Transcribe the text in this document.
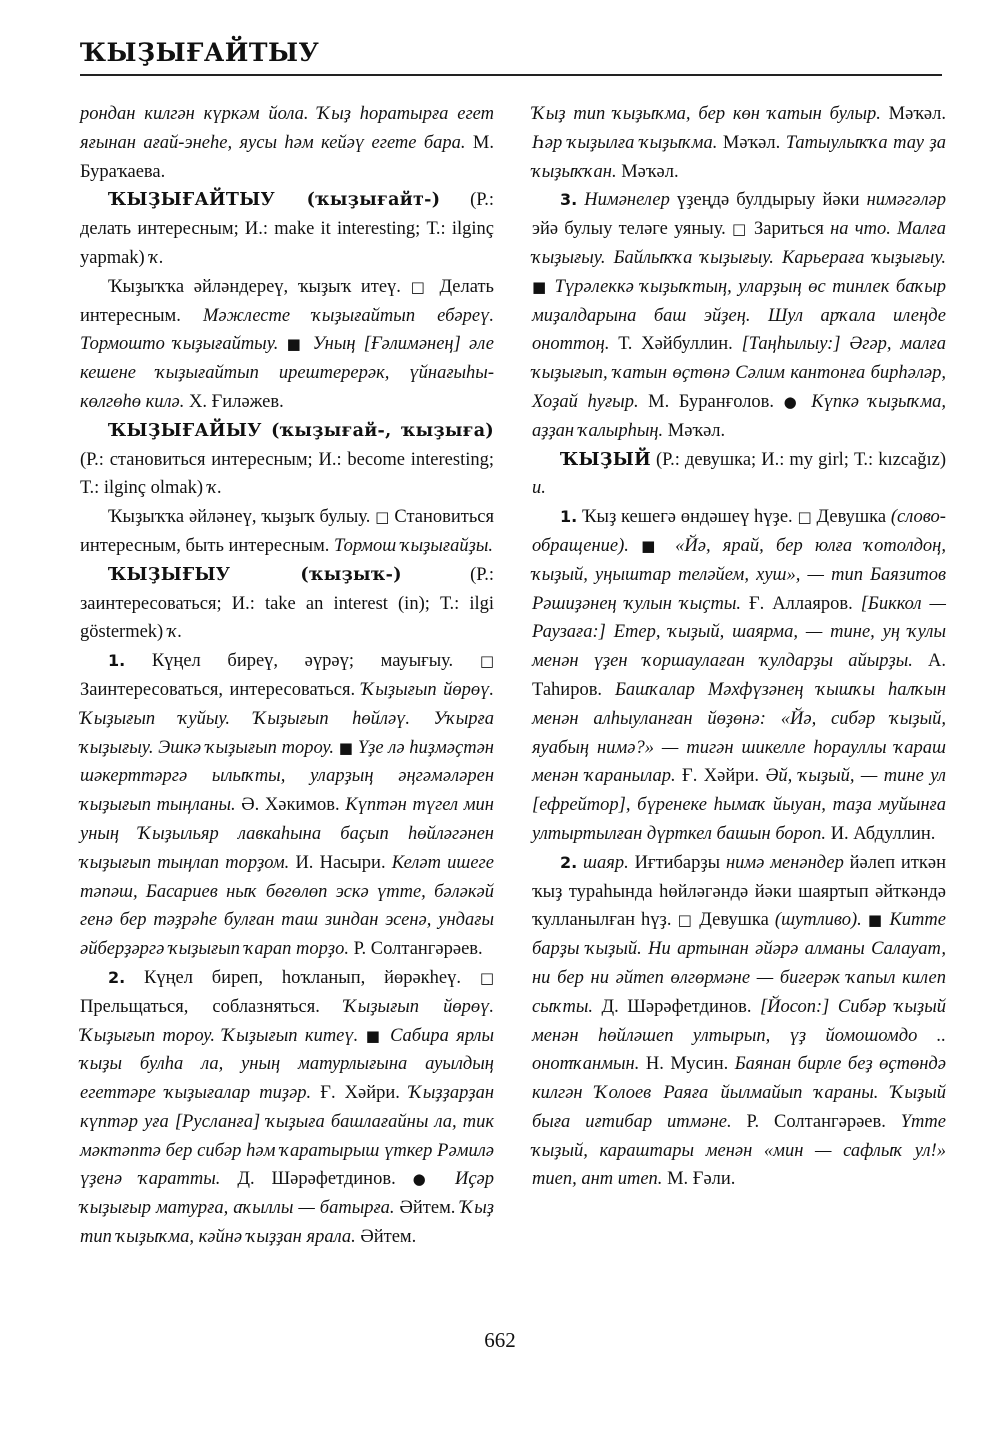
ҠЫҘЫҒАЙТЫУ

рондан килгән күркәм йола. Ҡыҙ һоратырға егет яғынан ағай-энеһе, яусы һәм кейәү егете бара. М. Бураҡаева.

ҠЫҘЫҒАЙТЫУ (ҡыҙығайт-) (Р.: делать интересным; И.: make it interesting; Т.: ilginç yapmak) ҡ.

Ҡыҙыҡҡа әйләндереү, ҡыҙыҡ итеү. □ Делать интересным. Мәжлесте ҡыҙығайтып ебәреү. Тормошто ҡыҙығайтыу. ■ Уның [Ғәлимәнең] әле кешене ҡыҙығайтып ирештерерәк, үйнағыһы-көлгөһө килә. Х. Ғиләжев.

ҠЫҘЫҒАЙЫУ (ҡыҙығай-, ҡыҙыға) (Р.: становиться интересным; И.: become interesting; Т.: ilginç olmak) ҡ.

Ҡыҙыҡҡа әйләнеү, ҡыҙыҡ булыу. □ Становиться интересным, быть интересным. Тормош ҡыҙығайҙы.

ҠЫҘЫҒЫУ (ҡыҙыҡ-) (Р.: заинтересоваться; И.: take an interest (in); Т.: ilgi göstermek) ҡ.

1. Күңел биреү, әүрәү; мауығыу. □ Заинтересоваться, интересоваться. Ҡыҙығып йөрөү. Ҡыҙығып ҡуйыу. Ҡыҙығып һөйләү. Уҡырға ҡыҙығыу. Эшкә ҡыҙығып тороу. ■ Үҙе лә һиҙмәҫтән шәкерттәргә ылыҡты, уларҙың әңгәмәләрен ҡыҙығып тыңланы. Ә. Хәкимов. Күптән түгел мин уның Ҡыҙыльяр лавкаһына баҫып һөйләгәнен ҡыҙығып тыңлап торҙом. И. Насыри. Келәт ишеге тәпәш, Басариев ныҡ бөгөлөп эскә үтте, бәләкәй генә бер тәҙрәһе булған таш зиндан эсенә, ундағы әйберҙәргә ҡыҙығып ҡарап торҙо. Р. Солтангәрәев.

2. Күңел биреп, һоҡланып, йөрәкһеү. □ Прельщаться, соблазняться. Ҡыҙығып йөрөү. Ҡыҙығып тороу. Ҡыҙығып китеү. ■ Сабира ярлы ҡыҙы булһа ла, уның матурлығына ауылдың егеттәре ҡыҙығалар тиҙәр. Ғ. Хәйри. Ҡыҙҙарҙан күптәр уға [Русланға] ҡыҙыға башлағайны ла, тик мәктәптә бер сибәр һәм ҡаратырыш үткер Рәмилә үҙенә ҡаратты. Д. Шәрәфетдинов. ● Иҫәр ҡыҙығыр матурға, аҡыллы — батырға. Әйтем. Ҡыҙ тип ҡыҙыҡма, кәйнә ҡыҙҙан ярала. Әйтем.

Ҡыҙ тип ҡыҙыҡма, бер көн ҡатын булыр. Мәҡәл. Һәр ҡыҙылға ҡыҙыҡма. Мәҡәл. Татыулыҡҡа тау ҙа ҡыҙыҡҡан. Мәҡәл.

3. Нимәнелер үҙеңдә булдырыу йәки нимәгәләр эйә булыу теләге уяныу. □ Зариться на что. Малға ҡыҙығыу. Байлыҡҡа ҡыҙығыу. Карьераға ҡыҙығыу. ■ Түрәлеккә ҡыҙыҡтың, уларҙың өс тинлек баҡыр миҙалдарына баш эйҙең. Шул арҡала илеңде оноттоң. Т. Хәйбуллин. [Таңһылыу:] Әгәр, малға ҡыҙығып, ҡатын өҫтөнә Сәлим кантонға бирһәләр, Хоҙай һуғыр. М. Буранғолов. ● Күпкә ҡыҙыҡма, аҙҙан ҡалырһың. Мәҡәл.

ҠЫҘЫЙ (Р.: девушка; И.: my girl; Т.: kızcağız) и.

1. Ҡыҙ кешегә өндәшеү һүҙе. □ Девушка (слово-обращение). ■ «Йә, ярай, бер юлға ҡотолдоң, ҡыҙый, уңыштар теләйем, хуш», — тип Баязитов Рәшиҙәнең ҡулын ҡыҫты. Ғ. Аллаяров. [Биккол — Раузаға:] Етер, ҡыҙый, шаярма, — тине, уң ҡулы менән үҙен ҡоршаулаған ҡулдарҙы айырҙы. А. Таһиров. Башҡалар Мәхфүзәнең ҡышҡы һалҡын менән алһыуланған йөҙөнә: «Йә, сибәр ҡыҙый, яуабың нимә?» — тигән шикелле һорауллы ҡараш менән ҡаранылар. Ғ. Хәйри. Әй, ҡыҙый, — тине ул [ефрейтор], бүренеке һымаҡ йыуан, таҙа муйынға ултыртылған дүрткел башын бороп. И. Абдуллин.

2. шаяр. Иғтибарҙы нимә менәндер йәлеп иткән ҡыҙ тураһында һөйләгәндә йәки шаяртып әйткәндә ҡулланылған һүҙ. □ Девушка (шутливо). ■ Китте барҙы ҡыҙый. Ни артынан әйәрә алманы Салауат, ни бер ни әйтеп өлгөрмәне — бигерәк ҡапыл килеп сыҡты. Д. Шәрәфетдинов. [Йосоп:] Сибәр ҡыҙый менән һөйләшеп ултырып, үҙ йомошомдо .. онотҡанмын. Н. Мусин. Баянан бирле беҙ өҫтөндә килгән Ҡолоев Раяға йылмайып ҡараны. Ҡыҙый быға иғтибар итмәне. Р. Солтангәрәев. Үтте ҡыҙый, караштары менән «мин — сафлыҡ ул!» тиеп, ант итеп. М. Ғәли.

662
